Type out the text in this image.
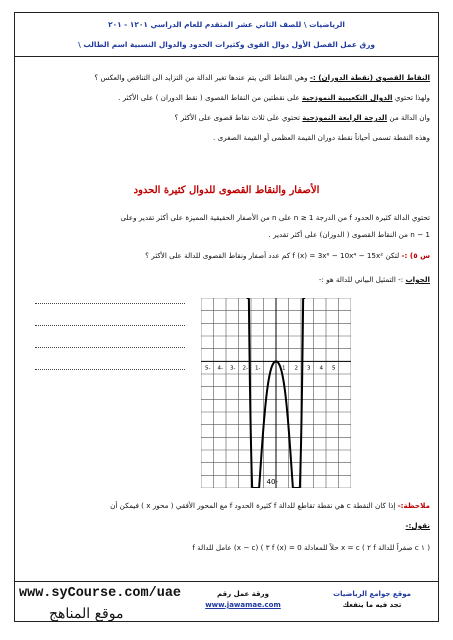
الرياضيات \ للصف الثاني عشر المتقدم للعام الدراسي ١٢٠١ - ٢٠١
ورق عمل الفصل الأول دوال القوى وكثيرات الحدود والدوال النسبية اسم الطالب \
النقاط القصوى (نقطة الدوران) :- وهي النقاط التي يتم عندها تغير الدالة من التزايد الى التناقص والعكس ؟
ولهذا تحتوي الدوال التكعيبية النموذجية على نقطتين من النقاط القصوى ( نقط الدوران ) على الأكثر .
وان الدالة من الدرجة الرابعة النموذجية تحتوي على ثلاث نقاط قصوى على الأكثر ؟
وهذه النقطة تسمى أحياناً نقطة دوران القيمة العظمى أو القيمة الصغرى .
الأصفار والنقاط القصوى للدوال كثيرة الحدود
تحتوي الدالة كثيرة الحدود f من الدرجة n ≥ 1 على n من الأصفار الحقيقية المميزة على أكثر تقدير وعلى
n − 1 من النقاط القصوى ( الدوران) على أكثر تقدير .
س ٥) :- لتكن f (x) = 3x⁶ − 10x⁴ − 15x² كم عدد أصفار ونقاط القصوى للدالة على الأكثر ؟
الجواب :- التمثيل البياني للدالة هو :-
-5 -4 -3 -2 -1	1 2 3 4 5
-40
ملاحظة:- إذا كان النقطة c هي نقطة تقاطع للدالة f كثيرة الحدود f مع المحور الأفقي ( محور x ) فيمكن أن
نقول:-
( ١ c صفراً للدالة f ٢ ) x = c حلاً للمعادلة f (x) = 0 ٣ ) (x − c) عامل للدالة f
www.syCourse.com/uae
موقع المناهج
ورقة عمل رقم
www.jawamae.com
موقع جوامع الرياضيات
تجد فيه ما ينفعك
